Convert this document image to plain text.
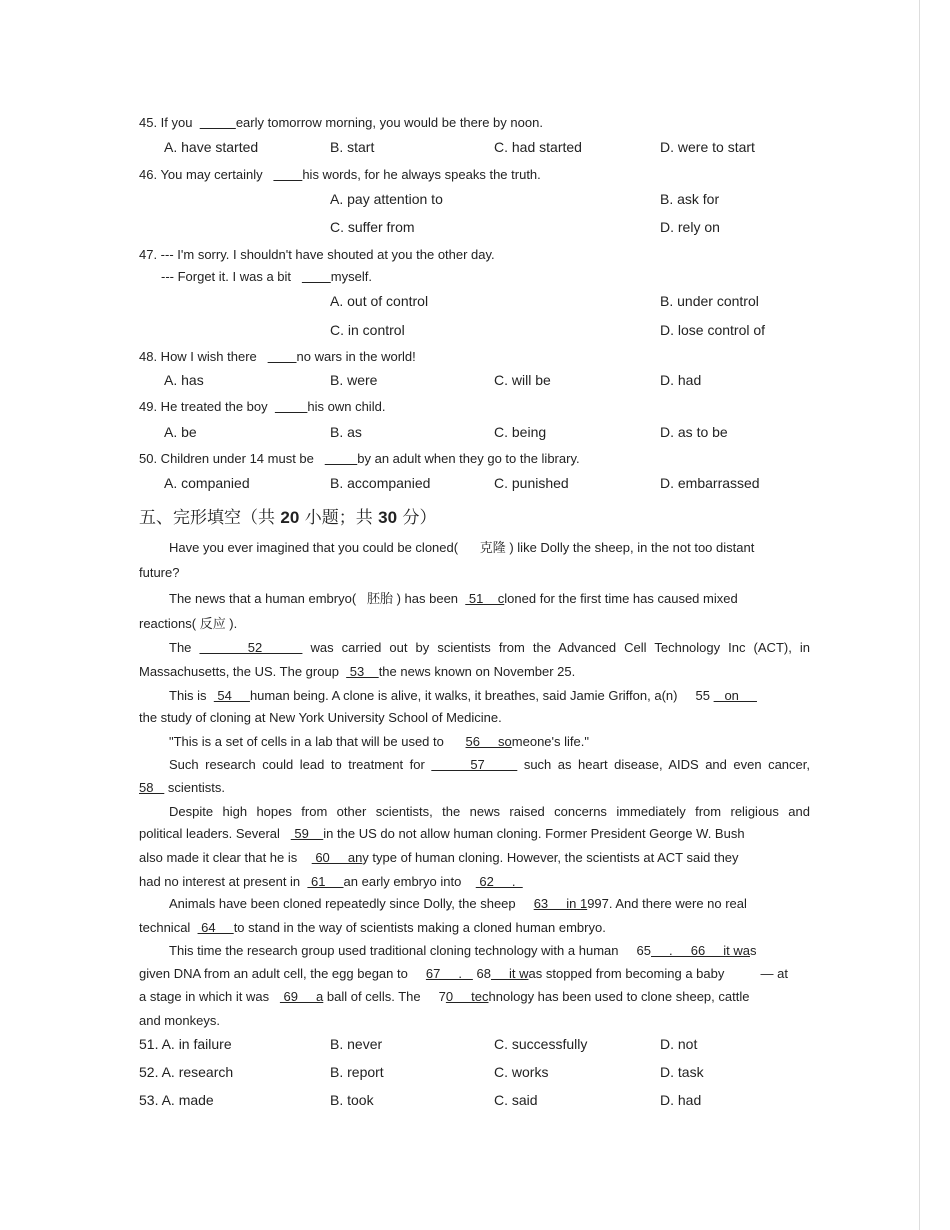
五、完形填空（共 20 小题；共 30 分）
45. If you	early tomorrow morning, you would be there by noon.
A. have started	B. start	C. had started	D. were to start
46. You may certainly           his words, for he always speaks the truth.
A. pay attention to	B. ask for
C. suffer from	D. rely on
47. --- I'm sorry. I shouldn't have shouted at you the other day.
--- Forget it. I was a bit           myself.
A. out of control	B. under control
C. in control	D. lose control of
48. How I wish there           no wars in the world!
A. has	B. were	C. will be	D. had
49. He treated the boy	his own child.
A. be	B. as	C. being	D. as to be
50. Children under 14 must be	by an adult when they go to the library.
A. companied	B. accompanied	C. punished	D. embarrassed
Have you ever imagined that you could be cloned(      克隆 ) like Dolly the sheep, in the not too distant
future?
The news that a human embryo(   胚胎 ) has been   51    cloned for the first time has caused mixed
reactions( 反应 ).
The       52      was carried out by scientists from the Advanced Cell Technology Inc (ACT), in
Massachusetts, the US. The group   53    the news known on November 25.
This is   54     human being. A clone is alive, it walks, it breathes, said Jamie Griffon, a(n)     55    on
the study of cloning at New York University School of Medicine.
"This is a set of cells in a lab that will be used to      56     someone's life."
Such research could lead to treatment for       57      such as heart disease, AIDS and even cancer,
58    scientists.
Despite high hopes from other scientists, the news raised concerns immediately from religious and
political leaders. Several    59    in the US do not allow human cloning. Former President George W. Bush
also made it clear that he is     60     any type of human cloning. However, the scientists at ACT said they
had no interest at present in   61     an early embryo into     62     .
Animals have been cloned repeatedly since Dolly, the sheep     63     in 1997. And there were no real
technical   64     to stand in the way of scientists making a cloned human embryo.
This time the research group used traditional cloning technology with a human     65     .     66     it was
given DNA from an adult cell, the egg began to     67     .    68     it was stopped from becoming a baby          — at
a stage in which it was    69     a ball of cells. The     70     technology has been used to clone sheep, cattle
and monkeys.
51. A. in failure	B. never	C. successfully	D. not
52. A. research	B. report	C. works	D. task
53. A. made	B. took	C. said	D. had
